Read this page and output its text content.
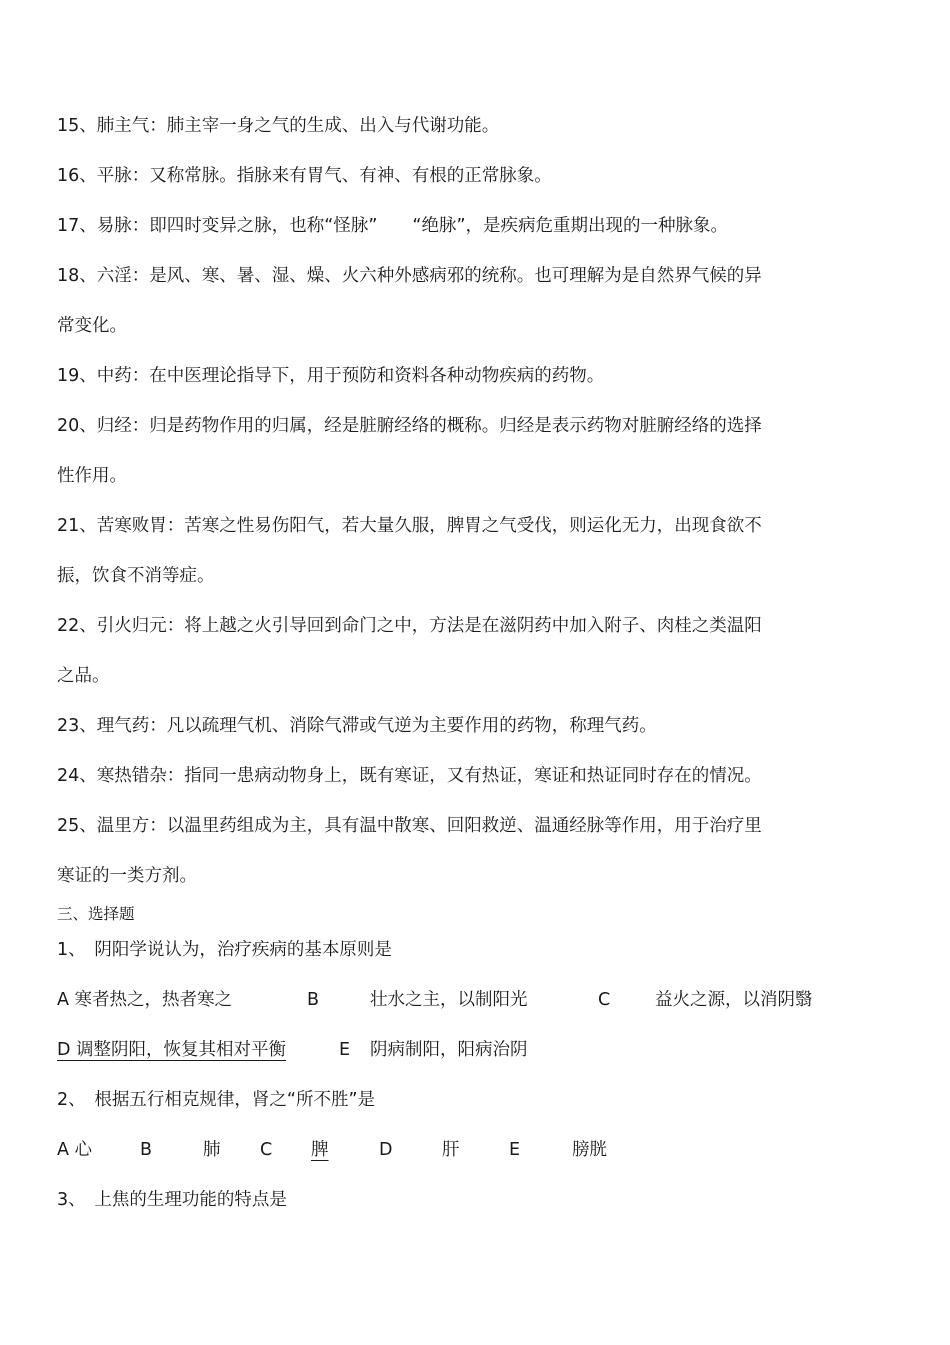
15、肺主气：肺主宰一身之气的生成、出入与代谢功能。

16、平脉：又称常脉。指脉来有胃气、有神、有根的正常脉象。

17、易脉：即四时变异之脉，也称“怪脉”　　“绝脉”，是疾病危重期出现的一种脉象。

18、六淫：是风、寒、暑、湿、燥、火六种外感病邪的统称。也可理解为是自然界气候的异

常变化。

19、中药：在中医理论指导下，用于预防和资料各种动物疾病的药物。

20、归经：归是药物作用的归属，经是脏腑经络的概称。归经是表示药物对脏腑经络的选择

性作用。

21、苦寒败胃：苦寒之性易伤阳气，若大量久服，脾胃之气受伐，则运化无力，出现食欲不

振，饮食不消等症。

22、引火归元：将上越之火引导回到命门之中，方法是在滋阴药中加入附子、肉桂之类温阳

之品。

23、理气药：凡以疏理气机、消除气滞或气逆为主要作用的药物，称理气药。

24、寒热错杂：指同一患病动物身上，既有寒证，又有热证，寒证和热证同时存在的情况。

25、温里方：以温里药组成为主，具有温中散寒、回阳救逆、温通经脉等作用，用于治疗里

寒证的一类方剂。

三、选择题

1、　阴阳学说认为，治疗疾病的基本原则是

A 寒者热之，热者寒之	B	壮水之主，以制阳光	C	益火之源，以消阴翳
D 调整阴阳，恢复其相对平衡	E 阴病制阳，阳病治阴

2、　根据五行相克规律，肾之“所不胜”是

A 心	B	肺 C	脾	D	肝	E	膀胱

3、　上焦的生理功能的特点是
